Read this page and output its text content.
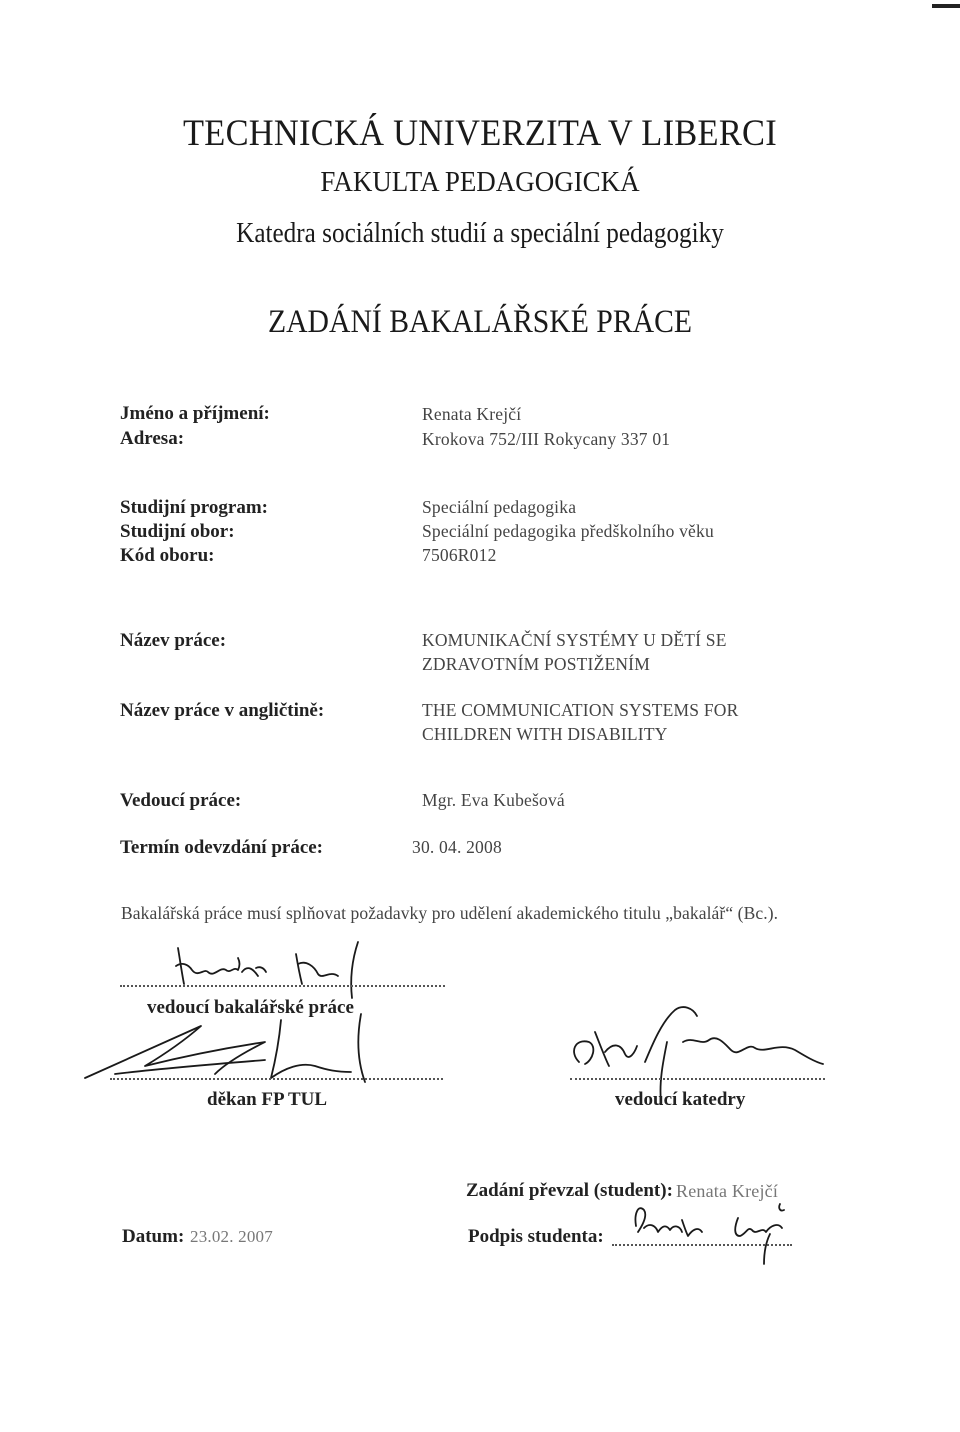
TECHNICKÁ UNIVERZITA V LIBERCI
FAKULTA PEDAGOGICKÁ
Katedra sociálních studií a speciální pedagogiky
ZADÁNÍ BAKALÁŘSKÉ PRÁCE
Jméno a příjmení:	Renata Krejčí
Adresa:	Krokova 752/III Rokycany 337 01
Studijní program:	Speciální pedagogika
Studijní obor:	Speciální pedagogika předškolního věku
Kód oboru:	7506R012
Název práce:	KOMUNIKAČNÍ SYSTÉMY U DĚTÍ SE
ZDRAVOTNÍM POSTIŽENÍM
Název práce v angličtině:	THE COMMUNICATION SYSTEMS FOR
CHILDREN WITH DISABILITY
Vedoucí práce:	Mgr. Eva Kubešová
Termín odevzdání práce:	30. 04. 2008
Bakalářská práce musí splňovat požadavky pro udělení akademického titulu „bakalář“ (Bc.).
vedoucí bakalářské práce
děkan FP TUL	vedoucí katedry
Zadání převzal (student): Renata Krejčí
Datum: 23.02. 2007	Podpis studenta:
